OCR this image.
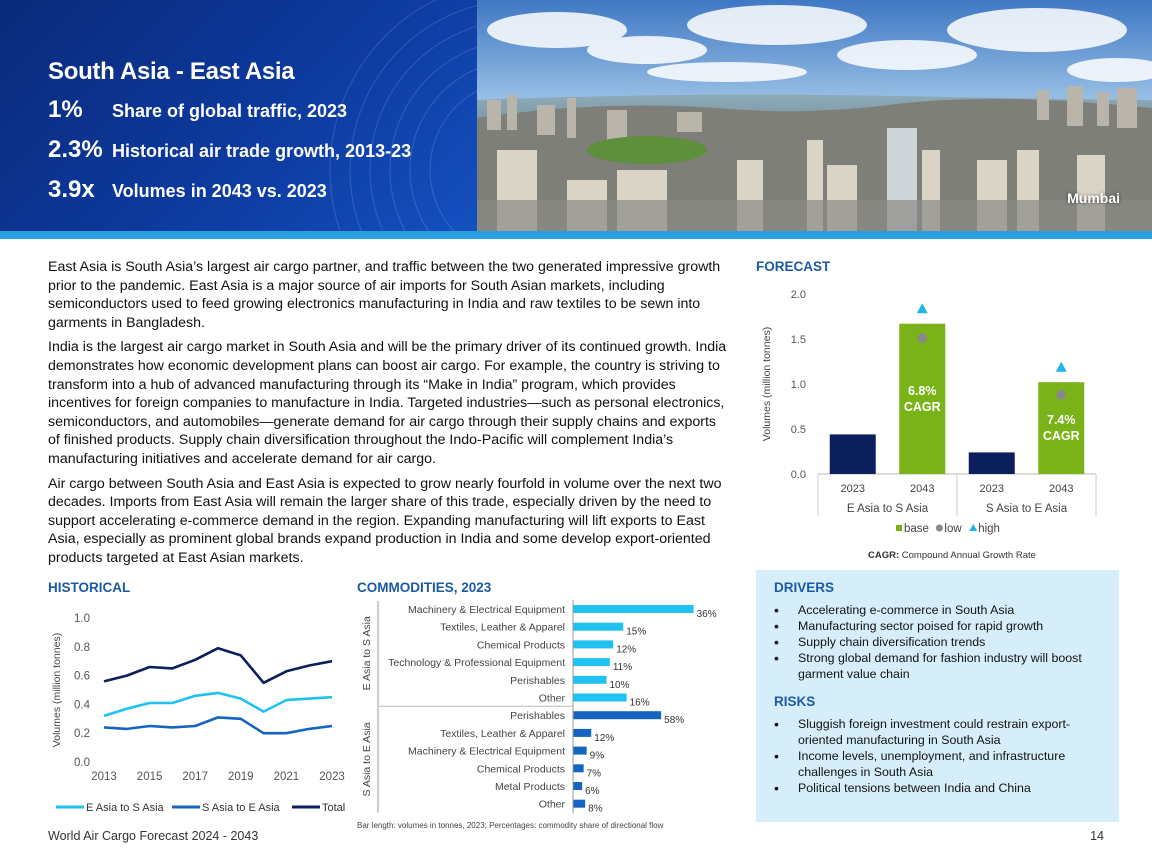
South Asia - East Asia
1%	Share of global traffic, 2023
2.3% Historical air trade growth, 2013-23
3.9x Volumes in 2043 vs. 2023	Mumbai

East Asia is South Asia’s largest air cargo partner, and traffic between the two generated impressive growth prior to the pandemic. East Asia is a major source of air imports for South Asian markets, including semiconductors used to feed growing electronics manufacturing in India and raw textiles to be sewn into garments in Bangladesh.

India is the largest air cargo market in South Asia and will be the primary driver of its continued growth. India demonstrates how economic development plans can boost air cargo. For example, the country is striving to transform into a hub of advanced manufacturing through its “Make in India” program, which provides incentives for foreign companies to manufacture in India. Targeted industries—such as personal electronics, semiconductors, and automobiles—generate demand for air cargo through their supply chains and exports of finished products. Supply chain diversification throughout the Indo-Pacific will complement India’s manufacturing initiatives and accelerate demand for air cargo.

Air cargo between South Asia and East Asia is expected to grow nearly fourfold in volume over the next two decades. Imports from East Asia will remain the larger share of this trade, especially driven by the need to support accelerating e-commerce demand in the region. Expanding manufacturing will lift exports to East Asia, especially as prominent global brands expand production in India and some develop export-oriented products targeted at East Asian markets.

FORECAST
0.0
0.5
1.0
1.5
2.0
Volumes (million tonnes)
2023	2043
6.8%
CAGR
E Asia to S Asia
2023	2043
7.4%
CAGR
S Asia to E Asia
base low high
CAGR: Compound Annual Growth Rate
HISTORICAL
0.0
0.2
0.4
0.6
0.8
1.0
Volumes (million tonnes)
2013 2015 2017 2019 2021 2023
E Asia to S Asia	S Asia to E Asia	Total
COMMODITIES, 2023
Machinery & Electrical Equipment	36%
Textiles, Leather & Apparel	15%
Chemical Products	12%
Technology & Professional Equipment	11%
Perishables	10%
Other	16%
E Asia to S Asia
Perishables	58%
Textiles, Leather & Apparel	12%
Machinery & Electrical Equipment 9%
Chemical Products 7%
Metal Products 6%
Other 8%
S Asia to E Asia
Bar length: volumes in tonnes, 2023; Percentages: commodity share of directional flow
DRIVERS
• Accelerating e-commerce in South Asia
• Manufacturing sector poised for rapid growth
• Supply chain diversification trends
• Strong global demand for fashion industry will boost garment value chain
RISKS
• Sluggish foreign investment could restrain export-oriented manufacturing in South Asia
• Income levels, unemployment, and infrastructure challenges in South Asia
• Political tensions between India and China
World Air Cargo Forecast 2024 - 2043	14
